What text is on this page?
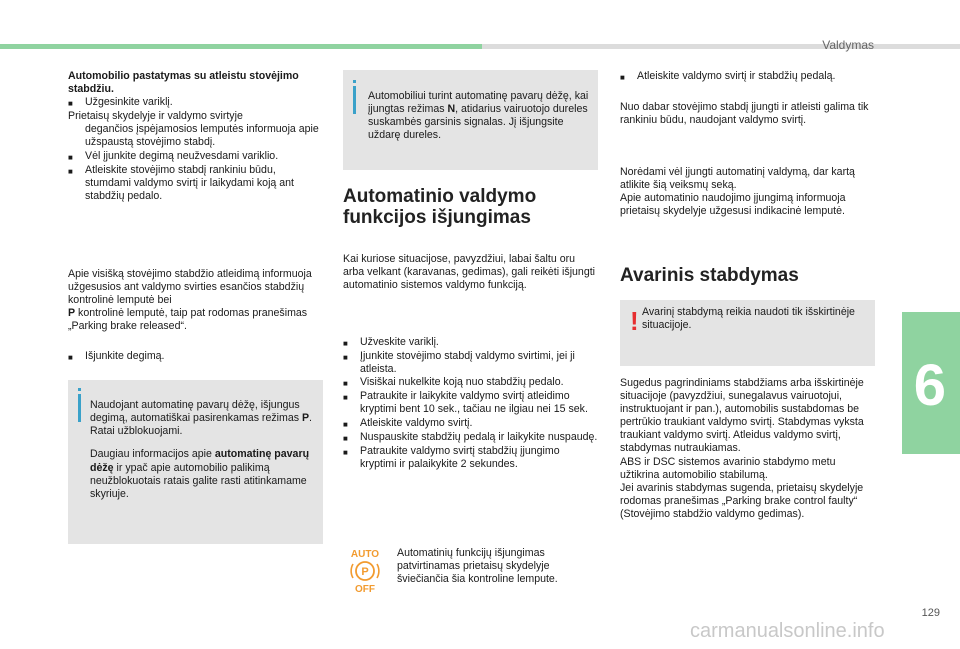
Valdymas
6
129
carmanualsonline.info

Automobilio pastatymas su atleistu stovėjimo stabdžiu.

■	Užgesinkite variklį.

Prietaisų skydelyje ir valdymo svirtyje

degančios įspėjamosios lemputės informuoja apie užspaustą stovėjimo stabdį.

■	Vėl įjunkite degimą neužvesdami variklio.
■	Atleiskite stovėjimo stabdį rankiniu būdu, stumdami valdymo svirtį ir laikydami koją ant stabdžių pedalo.

Apie visišką stovėjimo stabdžio atleidimą informuoja užgesusios ant valdymo svirties esančios stabdžių kontrolinė lemputė bei
P kontrolinė lemputė, taip pat rodomas pranešimas „Parking brake released“.

■	Išjunkite degimą.

Naudojant automatinę pavarų dėžę, išjungus degimą, automatiškai pasirenkamas režimas P. Ratai užblokuojami.

Daugiau informacijos apie automatinę pavarų dėžę ir ypač apie automobilio palikimą neužblokuotais ratais galite rasti atitinkamame skyriuje.

Automobiliui turint automatinę pavarų dėžę, kai įjungtas režimas N, atidarius vairuotojo dureles suskambės garsinis signalas. Jį išjungsite uždarę dureles.

Automatinio valdymo funkcijos išjungimas
Kai kuriose situacijose, pavyzdžiui, labai šaltu oru arba velkant (karavanas, gedimas), gali reikėti išjungti automatinio sistemos valdymo funkciją.
■	Užveskite variklį.
■	Įjunkite stovėjimo stabdį valdymo svirtimi, jei ji atleista.
■	Visiškai nukelkite koją nuo stabdžių pedalo.
■	Patraukite ir laikykite valdymo svirtį atleidimo kryptimi bent 10 sek., tačiau ne ilgiau nei 15 sek.
■	Atleiskite valdymo svirtį.
■	Nuspauskite stabdžių pedalą ir laikykite nuspaudę.
■	Patraukite valdymo svirtį stabdžių įjungimo kryptimi ir palaikykite 2 sekundes.
AUTO
P
OFF
Automatinių funkcijų išjungimas patvirtinamas prietaisų skydelyje šviečiančia šia kontroline lempute.
■	Atleiskite valdymo svirtį ir stabdžių pedalą.
Nuo dabar stovėjimo stabdį įjungti ir atleisti galima tik rankiniu būdu, naudojant valdymo svirtį.

Norėdami vėl įjungti automatinį valdymą, dar kartą atlikite šią veiksmų seką.

Apie automatinio naudojimo įjungimą informuoja prietaisų skydelyje užgesusi indikacinė lemputė.

Avarinis stabdymas
! Avarinį stabdymą reikia naudoti tik išskirtinėje situacijoje.

Sugedus pagrindiniams stabdžiams arba išskirtinėje situacijoje (pavyzdžiui, sunegalavus vairuotojui, instruktuojant ir pan.), automobilis sustabdomas be pertrūkio traukiant valdymo svirtį. Stabdymas vyksta traukiant valdymo svirtį. Atleidus valdymo svirtį, stabdymas nutraukiamas.

ABS ir DSC sistemos avarinio stabdymo metu užtikrina automobilio stabilumą.

Jei avarinis stabdymas sugenda, prietaisų skydelyje rodomas pranešimas „Parking brake control faulty“ (Stovėjimo stabdžio valdymo gedimas).
